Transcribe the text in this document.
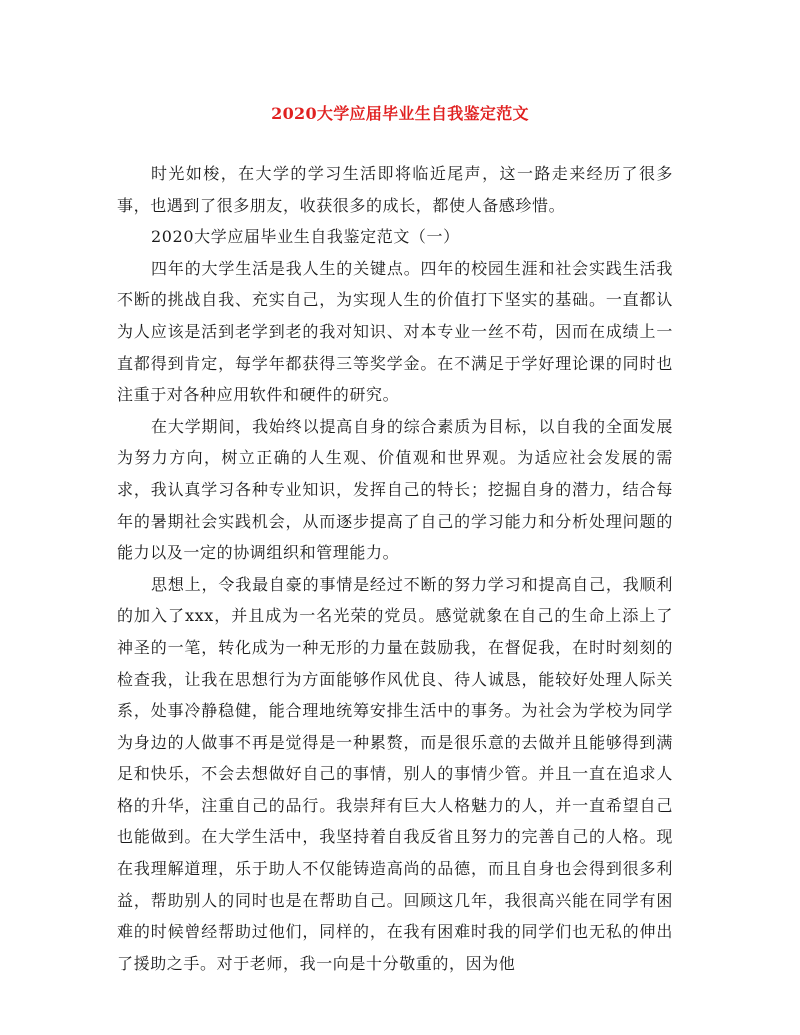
2020大学应届毕业生自我鉴定范文

时光如梭，在大学的学习生活即将临近尾声，这一路走来经历了很多事，也遇到了很多朋友，收获很多的成长，都使人备感珍惜。

2020大学应届毕业生自我鉴定范文（一）

四年的大学生活是我人生的关键点。四年的校园生涯和社会实践生活我不断的挑战自我、充实自己，为实现人生的价值打下坚实的基础。一直都认为人应该是活到老学到老的我对知识、对本专业一丝不苟，因而在成绩上一直都得到肯定，每学年都获得三等奖学金。在不满足于学好理论课的同时也注重于对各种应用软件和硬件的研究。

在大学期间，我始终以提高自身的综合素质为目标，以自我的全面发展为努力方向，树立正确的人生观、价值观和世界观。为适应社会发展的需求，我认真学习各种专业知识，发挥自己的特长；挖掘自身的潜力，结合每年的暑期社会实践机会，从而逐步提高了自己的学习能力和分析处理问题的能力以及一定的协调组织和管理能力。

思想上，令我最自豪的事情是经过不断的努力学习和提高自己，我顺利的加入了xxx，并且成为一名光荣的党员。感觉就象在自己的生命上添上了神圣的一笔，转化成为一种无形的力量在鼓励我，在督促我，在时时刻刻的检查我，让我在思想行为方面能够作风优良、待人诚恳，能较好处理人际关系，处事冷静稳健，能合理地统筹安排生活中的事务。为社会为学校为同学为身边的人做事不再是觉得是一种累赘，而是很乐意的去做并且能够得到满足和快乐，不会去想做好自己的事情，别人的事情少管。并且一直在追求人格的升华，注重自己的品行。我崇拜有巨大人格魅力的人，并一直希望自己也能做到。在大学生活中，我坚持着自我反省且努力的完善自己的人格。现在我理解道理，乐于助人不仅能铸造高尚的品德，而且自身也会得到很多利益，帮助别人的同时也是在帮助自己。回顾这几年，我很高兴能在同学有困难的时候曾经帮助过他们，同样的，在我有困难时我的同学们也无私的伸出了援助之手。对于老师，我一向是十分敬重的，因为他
